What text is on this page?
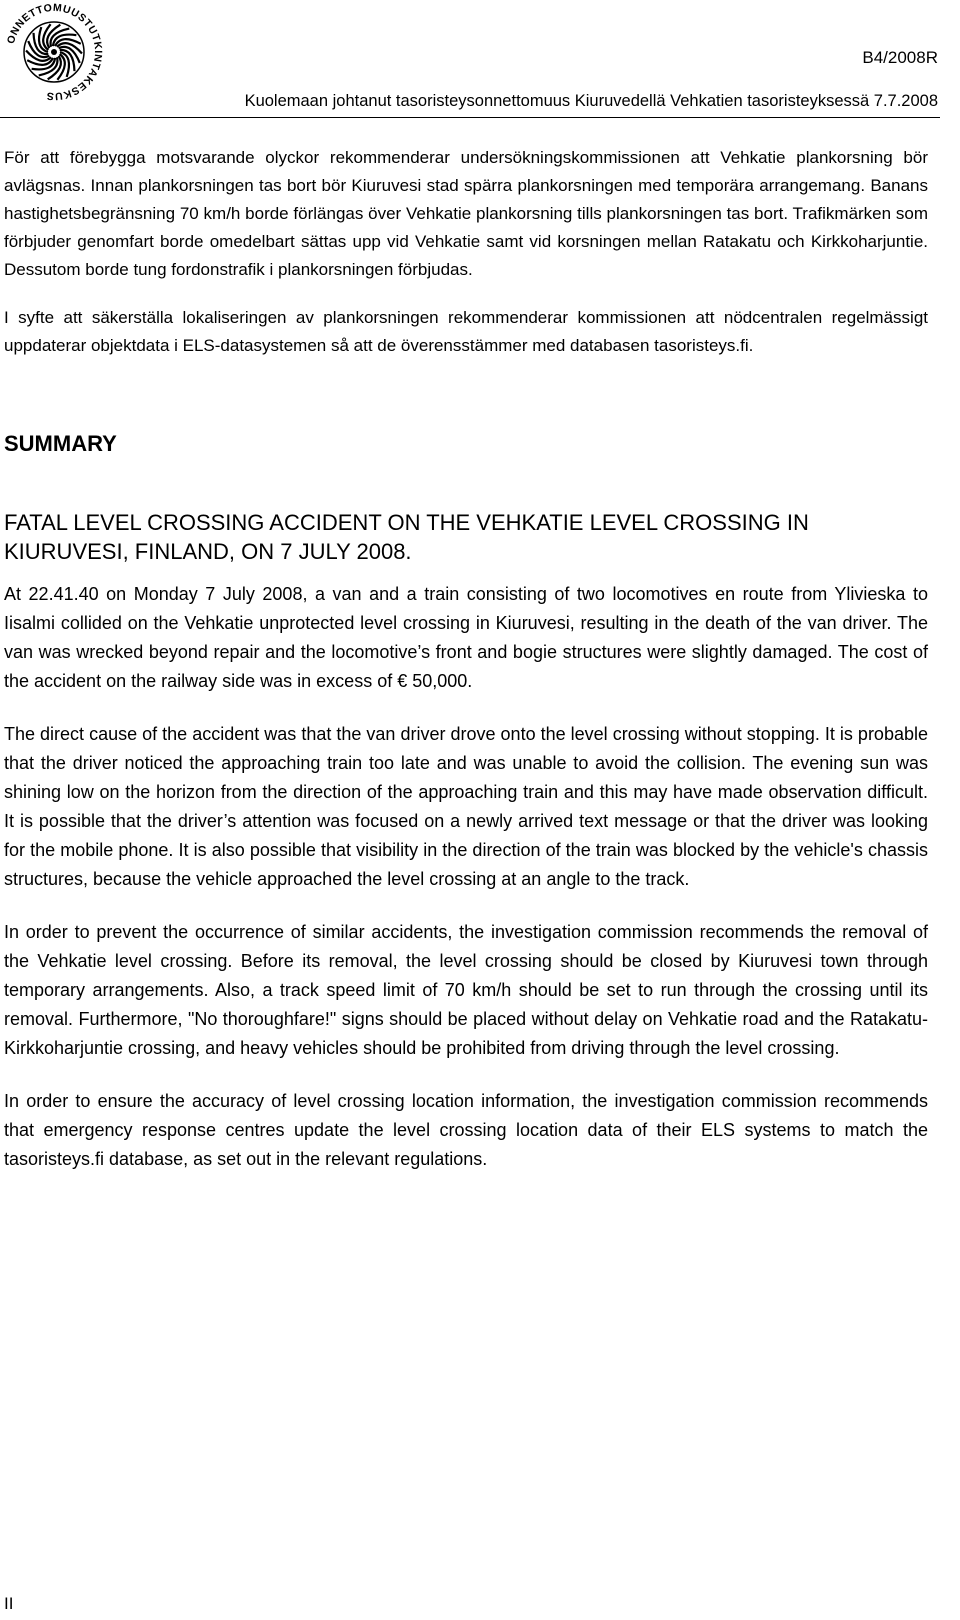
ONNETTOMUUSTUTKINTAKESKUS
B4/2008R
Kuolemaan johtanut tasoristeysonnettomuus Kiuruvedellä Vehkatien tasoristeyksessä 7.7.2008

För att förebygga motsvarande olyckor rekommenderar undersökningskommissionen att Vehkatie plankorsning bör avlägsnas. Innan plankorsningen tas bort bör Kiuruvesi stad spärra plankorsningen med temporära arrangemang. Banans hastighetsbegränsning 70 km/h borde förlängas över Vehkatie plankorsning tills plankorsningen tas bort. Trafikmärken som förbjuder genomfart borde omedelbart sättas upp vid Vehkatie samt vid korsningen mellan Ratakatu och Kirkkoharjuntie. Dessutom borde tung fordonstrafik i plankorsningen förbjudas.

I syfte att säkerställa lokaliseringen av plankorsningen rekommenderar kommissionen att nödcentralen regelmässigt uppdaterar objektdata i ELS-datasystemen så att de överensstämmer med databasen tasoristeys.fi.

SUMMARY
FATAL LEVEL CROSSING ACCIDENT ON THE VEHKATIE LEVEL CROSSING IN KIURUVESI, FINLAND, ON 7 JULY 2008.

At 22.41.40 on Monday 7 July 2008, a van and a train consisting of two locomotives en route from Ylivieska to Iisalmi collided on the Vehkatie unprotected level crossing in Kiuruvesi, resulting in the death of the van driver. The van was wrecked beyond repair and the locomotive’s front and bogie structures were slightly damaged. The cost of the accident on the railway side was in excess of € 50,000.

The direct cause of the accident was that the van driver drove onto the level crossing without stopping. It is probable that the driver noticed the approaching train too late and was unable to avoid the collision. The evening sun was shining low on the horizon from the direction of the approaching train and this may have made observation difficult. It is possible that the driver’s attention was focused on a newly arrived text message or that the driver was looking for the mobile phone. It is also possible that visibility in the direction of the train was blocked by the vehicle's chassis structures, because the vehicle approached the level crossing at an angle to the track.

In order to prevent the occurrence of similar accidents, the investigation commission recommends the removal of the Vehkatie level crossing. Before its removal, the level crossing should be closed by Kiuruvesi town through temporary arrangements. Also, a track speed limit of 70 km/h should be set to run through the crossing until its removal. Furthermore, "No thoroughfare!" signs should be placed without delay on Vehkatie road and the Ratakatu-Kirkkoharjuntie crossing, and heavy vehicles should be prohibited from driving through the level crossing.

In order to ensure the accuracy of level crossing location information, the investigation commission recommends that emergency response centres update the level crossing location data of their ELS systems to match the tasoristeys.fi database, as set out in the relevant regulations.

II
